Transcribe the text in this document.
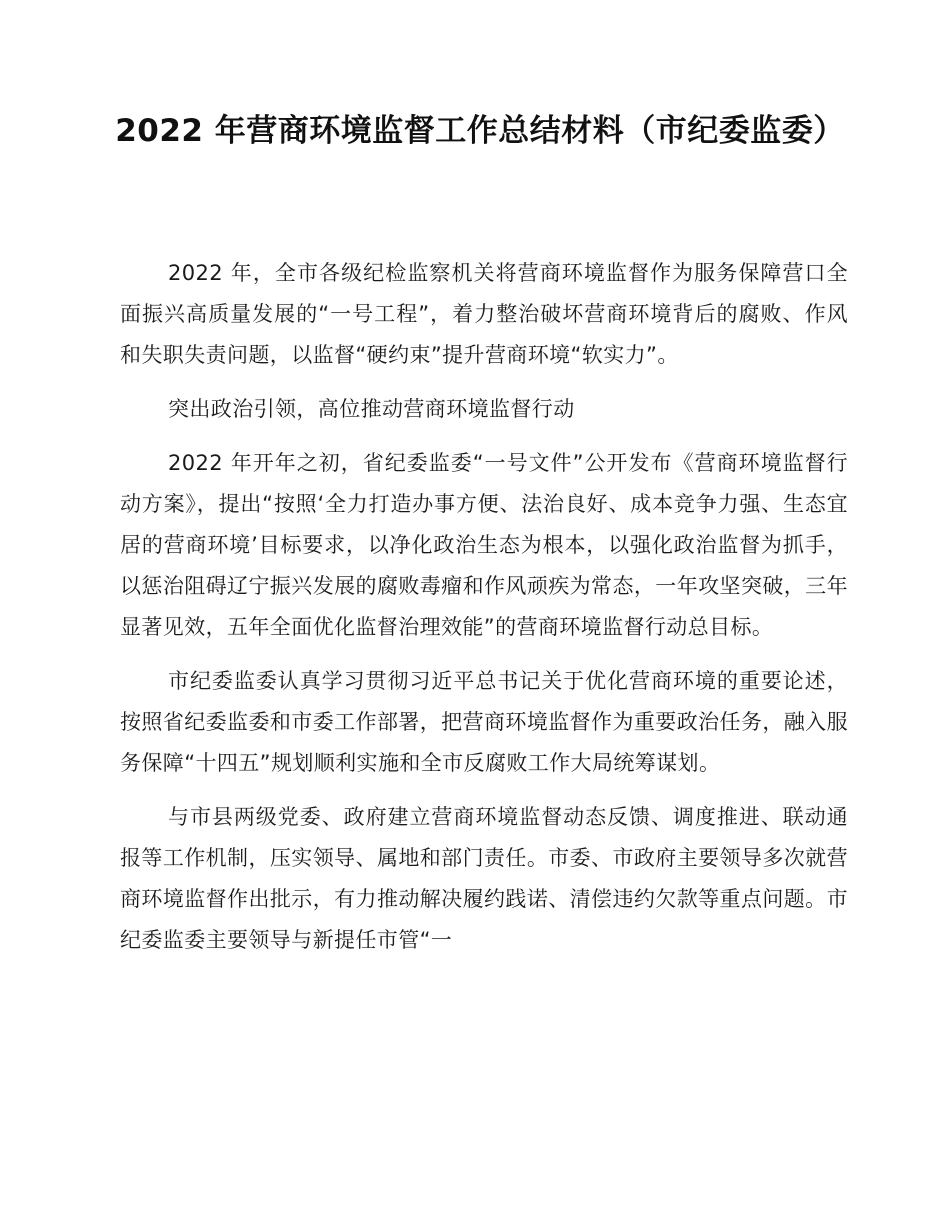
2022 年营商环境监督工作总结材料（市纪委监委）

2022 年，全市各级纪检监察机关将营商环境监督作为服务保障营口全面振兴高质量发展的“一号工程”，着力整治破坏营商环境背后的腐败、作风和失职失责问题，以监督“硬约束”提升营商环境“软实力”。

突出政治引领，高位推动营商环境监督行动

2022 年开年之初，省纪委监委“一号文件”公开发布《营商环境监督行动方案》，提出“按照‘全力打造办事方便、法治良好、成本竞争力强、生态宜居的营商环境’目标要求，以净化政治生态为根本，以强化政治监督为抓手，以惩治阻碍辽宁振兴发展的腐败毒瘤和作风顽疾为常态，一年攻坚突破，三年显著见效，五年全面优化监督治理效能”的营商环境监督行动总目标。

市纪委监委认真学习贯彻习近平总书记关于优化营商环境的重要论述，按照省纪委监委和市委工作部署，把营商环境监督作为重要政治任务，融入服务保障“十四五”规划顺利实施和全市反腐败工作大局统筹谋划。

与市县两级党委、政府建立营商环境监督动态反馈、调度推进、联动通报等工作机制，压实领导、属地和部门责任。市委、市政府主要领导多次就营商环境监督作出批示，有力推动解决履约践诺、清偿违约欠款等重点问题。市纪委监委主要领导与新提任市管“一
